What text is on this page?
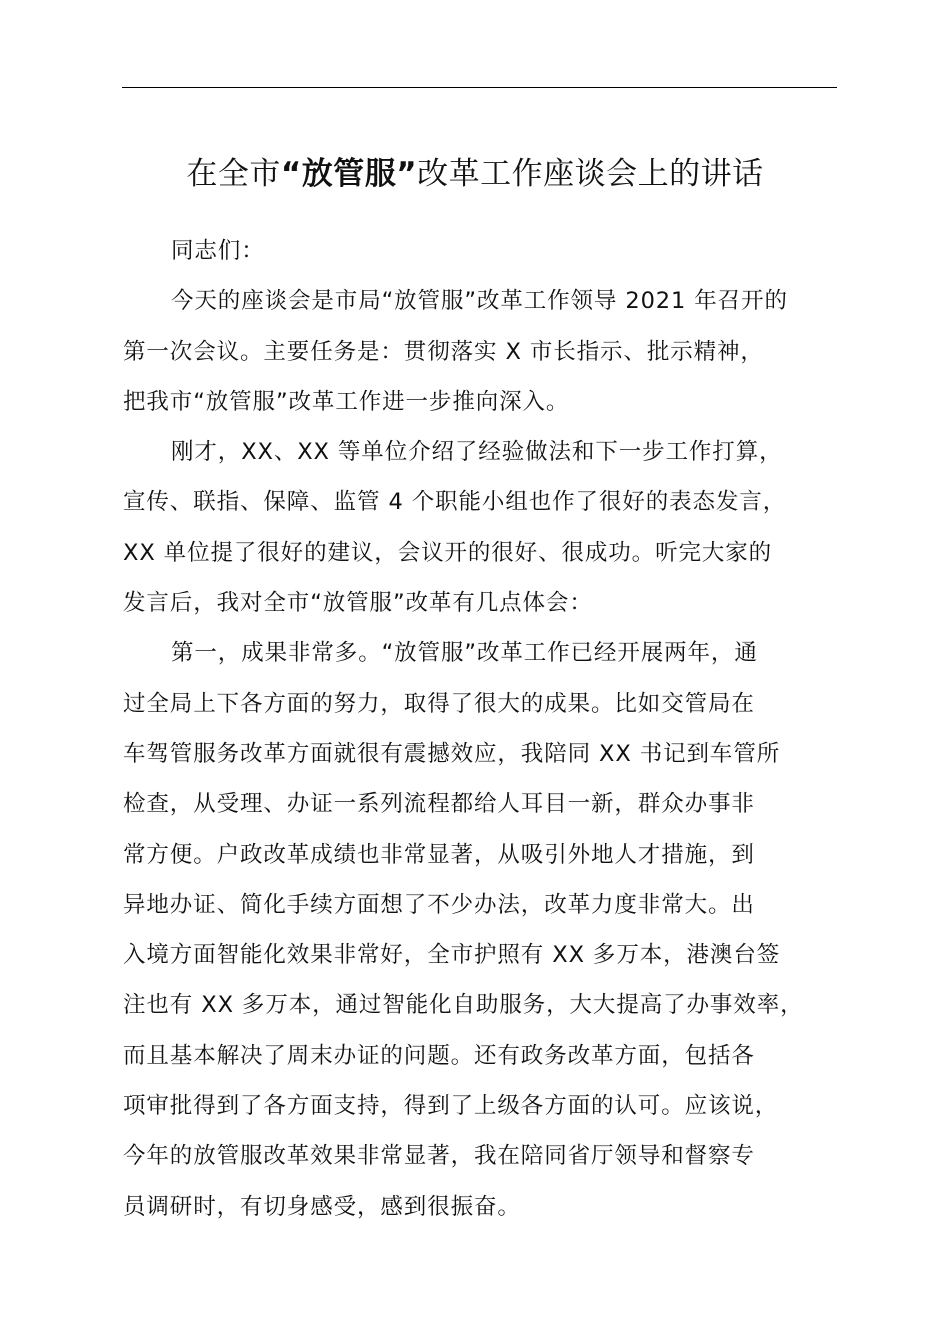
在全市“放管服”改革工作座谈会上的讲话
同志们：
今天的座谈会是市局“放管服”改革工作领导 2021 年召开的
第一次会议。主要任务是：贯彻落实 X 市长指示、批示精神，
把我市“放管服”改革工作进一步推向深入。
刚才，XX、XX 等单位介绍了经验做法和下一步工作打算，
宣传、联指、保障、监管 4 个职能小组也作了很好的表态发言，
XX 单位提了很好的建议，会议开的很好、很成功。听完大家的
发言后，我对全市“放管服”改革有几点体会：
第一，成果非常多。“放管服”改革工作已经开展两年，通
过全局上下各方面的努力，取得了很大的成果。比如交管局在
车驾管服务改革方面就很有震撼效应，我陪同 XX 书记到车管所
检查，从受理、办证一系列流程都给人耳目一新，群众办事非
常方便。户政改革成绩也非常显著，从吸引外地人才措施，到
异地办证、简化手续方面想了不少办法，改革力度非常大。出
入境方面智能化效果非常好，全市护照有 XX 多万本，港澳台签
注也有 XX 多万本，通过智能化自助服务，大大提高了办事效率，
而且基本解决了周末办证的问题。还有政务改革方面，包括各
项审批得到了各方面支持，得到了上级各方面的认可。应该说，
今年的放管服改革效果非常显著，我在陪同省厅领导和督察专
员调研时，有切身感受，感到很振奋。
